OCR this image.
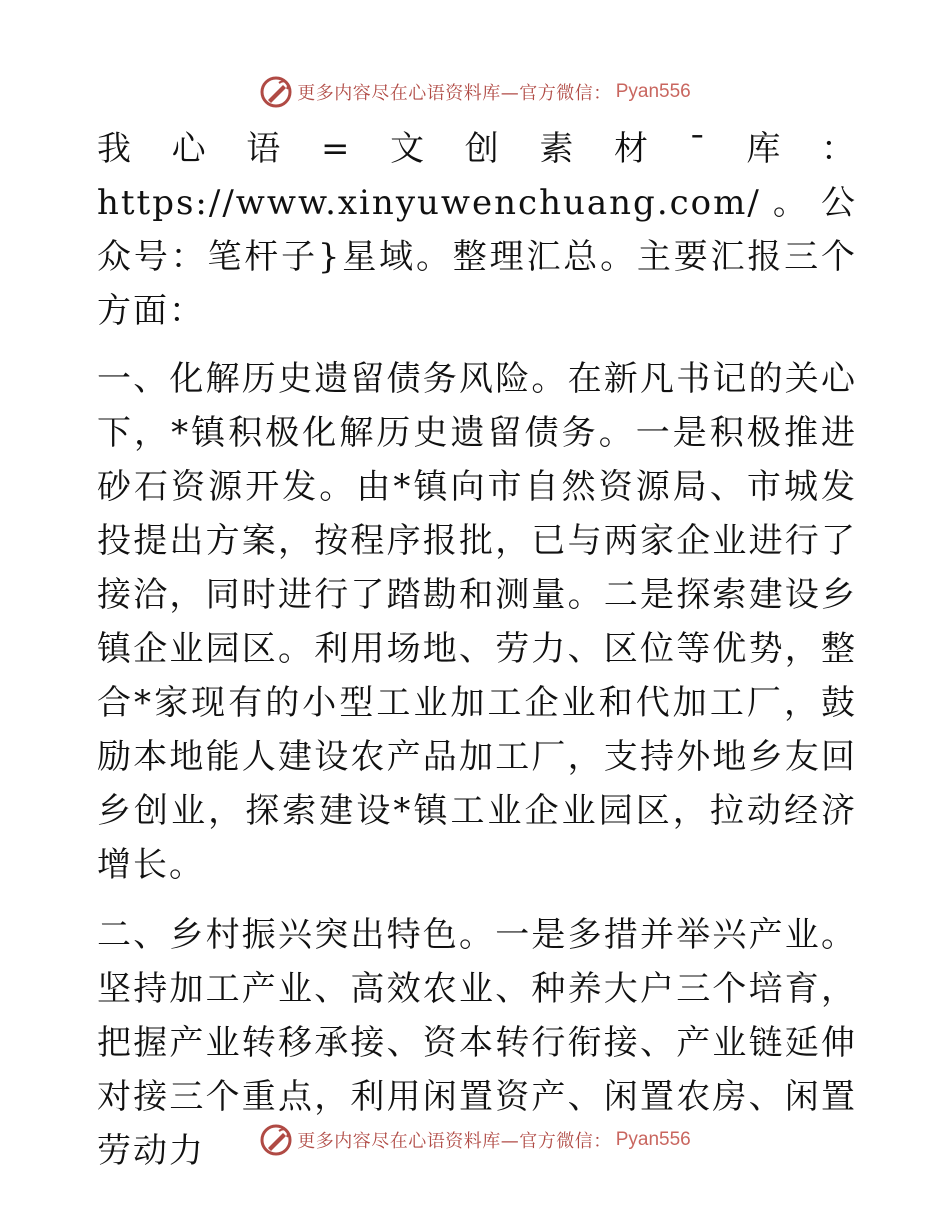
更多内容尽在心语资料库—官方微信： Pyan556

我心语=文创素材¯库：https://www.xinyuwenchuang.com/。公众号：笔杆子}星域。整理汇总。主要汇报三个方面：

一、化解历史遗留债务风险。在新凡书记的关心下，*镇积极化解历史遗留债务。一是积极推进砂石资源开发。由*镇向市自然资源局、市城发投提出方案，按程序报批，已与两家企业进行了接洽，同时进行了踏勘和测量。二是探索建设乡镇企业园区。利用场地、劳力、区位等优势，整合*家现有的小型工业加工企业和代加工厂，鼓励本地能人建设农产品加工厂，支持外地乡友回乡创业，探索建设*镇工业企业园区，拉动经济增长。

二、乡村振兴突出特色。一是多措并举兴产业。坚持加工产业、高效农业、种养大户三个培育，把握产业转移承接、资本转行衔接、产业链延伸对接三个重点，利用闲置资产、闲置农房、闲置劳动力	更多内容尽在心语资料库—官方微信： Pyan556
